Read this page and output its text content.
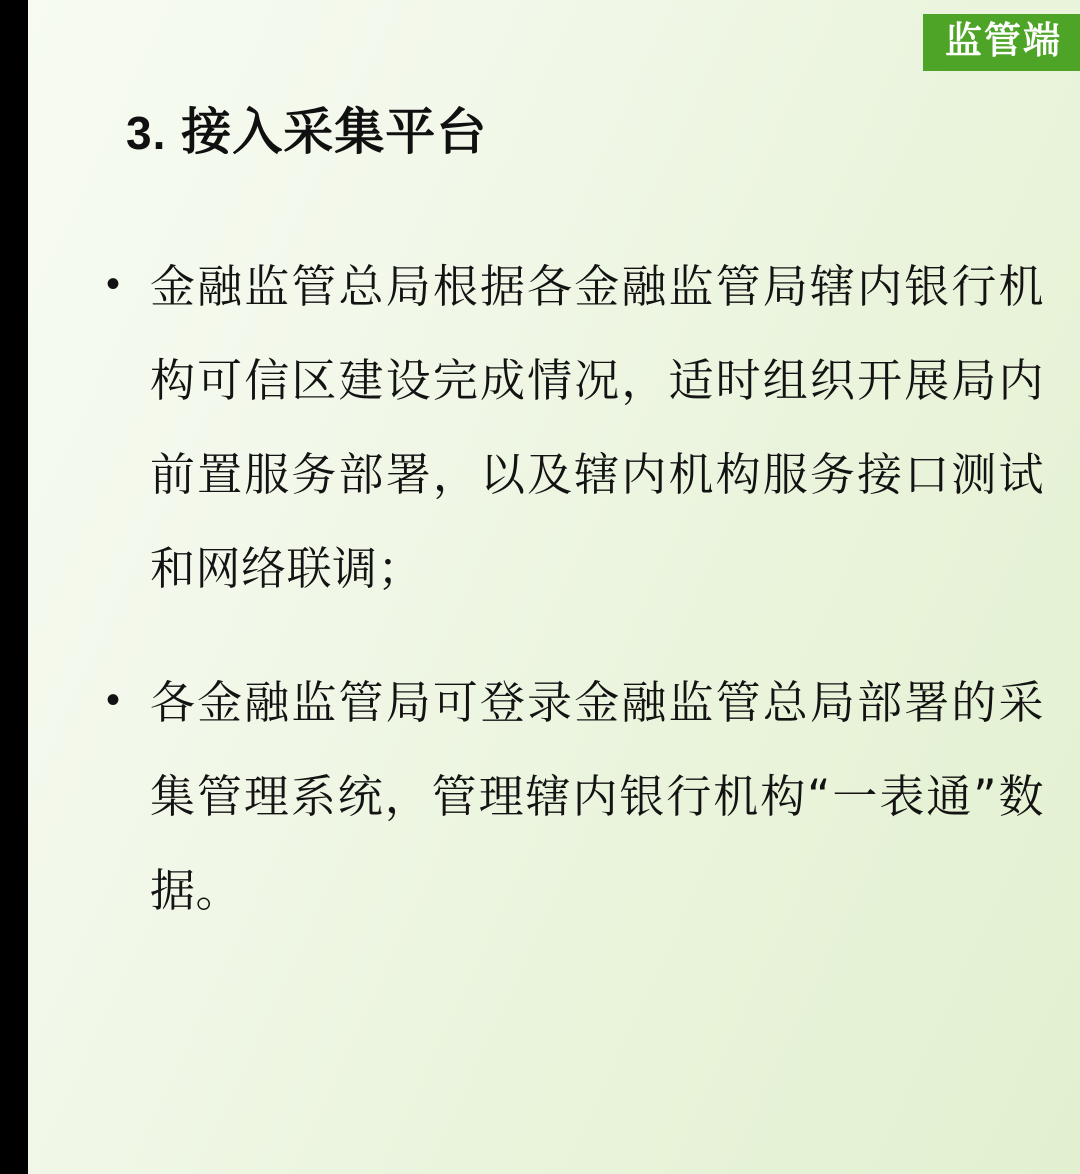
监管端
3. 接入采集平台
• 金融监管总局根据各金融监管局辖内银行机构可信区建设完成情况，适时组织开展局内前置服务部署，以及辖内机构服务接口测试和网络联调；
• 各金融监管局可登录金融监管总局部署的采集管理系统，管理辖内银行机构“一表通”数据。
